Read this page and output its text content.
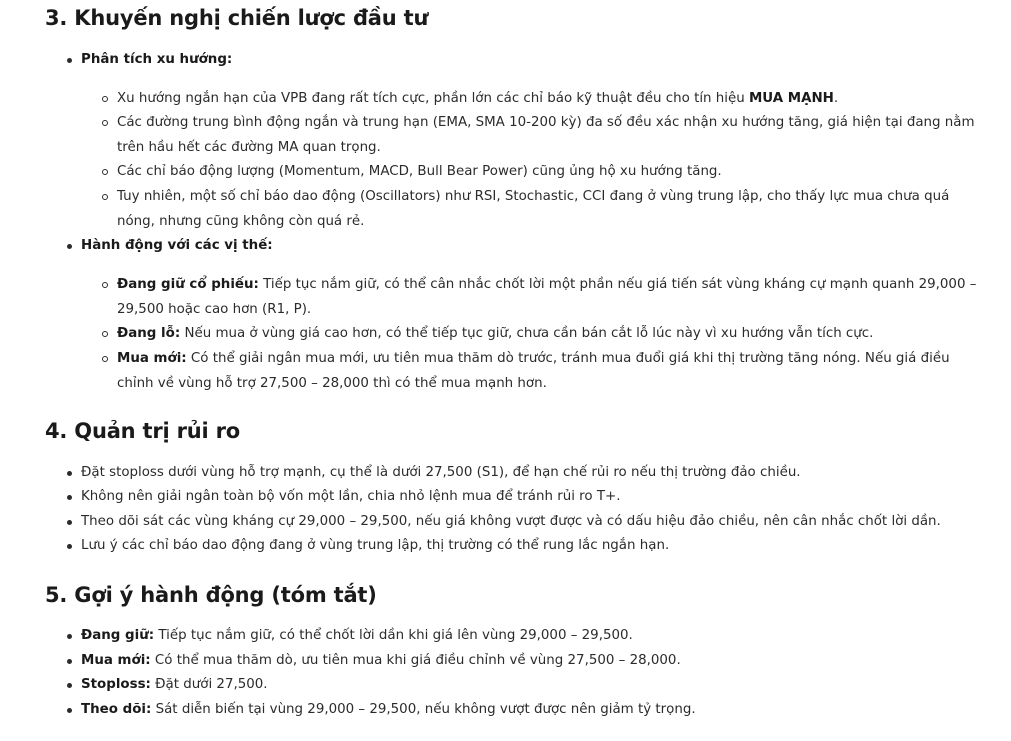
3. Khuyến nghị chiến lược đầu tư
Phân tích xu hướng:
Xu hướng ngắn hạn của VPB đang rất tích cực, phần lớn các chỉ báo kỹ thuật đều cho tín hiệu MUA MẠNH.
Các đường trung bình động ngắn và trung hạn (EMA, SMA 10-200 kỳ) đa số đều xác nhận xu hướng tăng, giá hiện tại đang nằm trên hầu hết các đường MA quan trọng.
Các chỉ báo động lượng (Momentum, MACD, Bull Bear Power) cũng ủng hộ xu hướng tăng.
Tuy nhiên, một số chỉ báo dao động (Oscillators) như RSI, Stochastic, CCI đang ở vùng trung lập, cho thấy lực mua chưa quá nóng, nhưng cũng không còn quá rẻ.
Hành động với các vị thế:
Đang giữ cổ phiếu: Tiếp tục nắm giữ, có thể cân nhắc chốt lời một phần nếu giá tiến sát vùng kháng cự mạnh quanh 29,000 – 29,500 hoặc cao hơn (R1, P).
Đang lỗ: Nếu mua ở vùng giá cao hơn, có thể tiếp tục giữ, chưa cần bán cắt lỗ lúc này vì xu hướng vẫn tích cực.
Mua mới: Có thể giải ngân mua mới, ưu tiên mua thăm dò trước, tránh mua đuổi giá khi thị trường tăng nóng. Nếu giá điều chỉnh về vùng hỗ trợ 27,500 – 28,000 thì có thể mua mạnh hơn.
4. Quản trị rủi ro
Đặt stoploss dưới vùng hỗ trợ mạnh, cụ thể là dưới 27,500 (S1), để hạn chế rủi ro nếu thị trường đảo chiều.
Không nên giải ngân toàn bộ vốn một lần, chia nhỏ lệnh mua để tránh rủi ro T+.
Theo dõi sát các vùng kháng cự 29,000 – 29,500, nếu giá không vượt được và có dấu hiệu đảo chiều, nên cân nhắc chốt lời dần.
Lưu ý các chỉ báo dao động đang ở vùng trung lập, thị trường có thể rung lắc ngắn hạn.
5. Gợi ý hành động (tóm tắt)
Đang giữ: Tiếp tục nắm giữ, có thể chốt lời dần khi giá lên vùng 29,000 – 29,500.
Mua mới: Có thể mua thăm dò, ưu tiên mua khi giá điều chỉnh về vùng 27,500 – 28,000.
Stoploss: Đặt dưới 27,500.
Theo dõi: Sát diễn biến tại vùng 29,000 – 29,500, nếu không vượt được nên giảm tỷ trọng.
